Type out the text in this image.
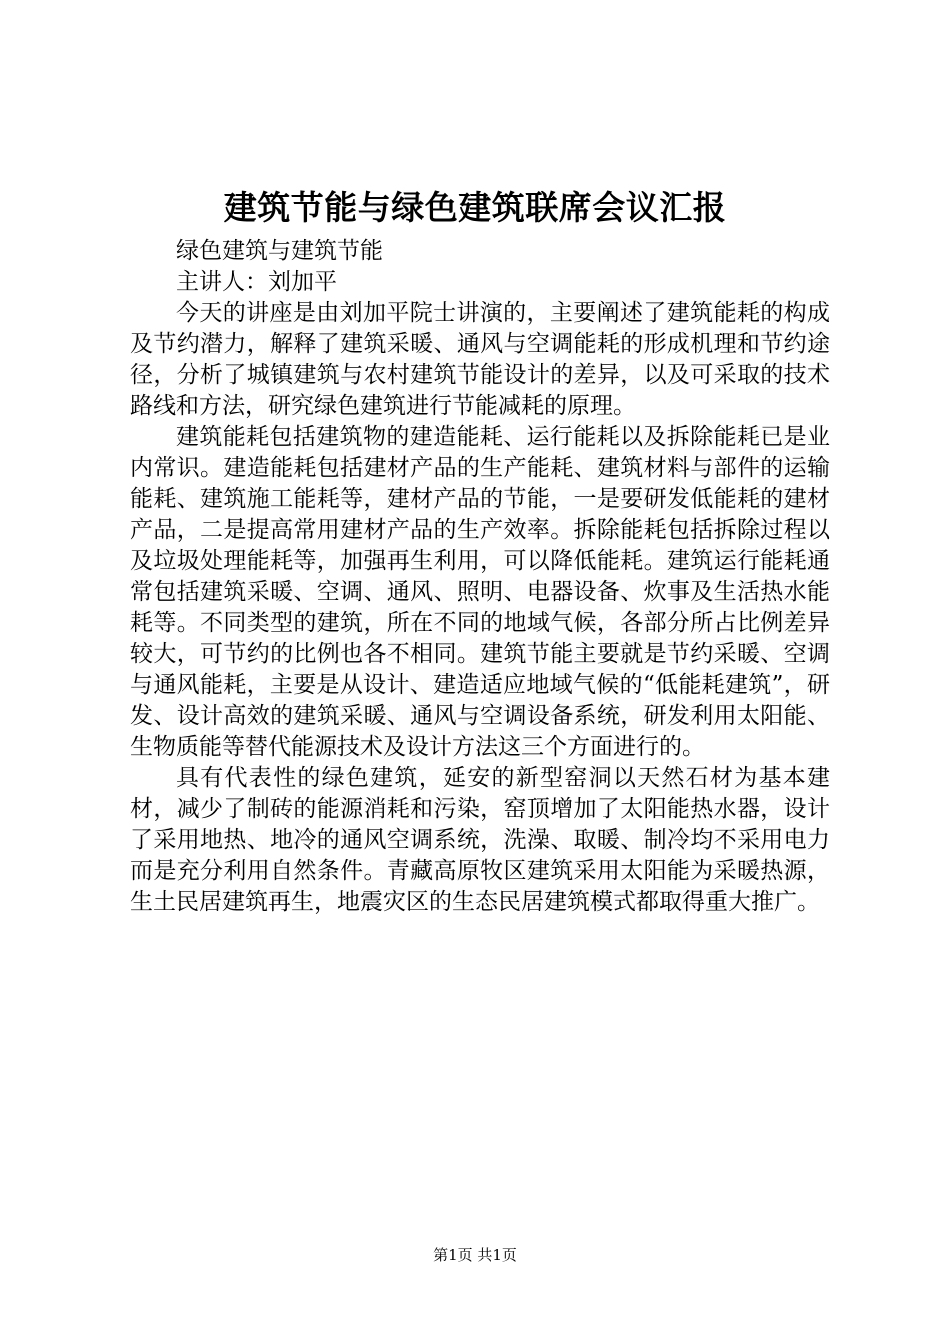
建筑节能与绿色建筑联席会议汇报

绿色建筑与建筑节能

主讲人：刘加平

今天的讲座是由刘加平院士讲演的，主要阐述了建筑能耗的构成及节约潜力，解释了建筑采暖、通风与空调能耗的形成机理和节约途径，分析了城镇建筑与农村建筑节能设计的差异，以及可采取的技术路线和方法，研究绿色建筑进行节能减耗的原理。

建筑能耗包括建筑物的建造能耗、运行能耗以及拆除能耗已是业内常识。建造能耗包括建材产品的生产能耗、建筑材料与部件的运输能耗、建筑施工能耗等，建材产品的节能，一是要研发低能耗的建材产品，二是提高常用建材产品的生产效率。拆除能耗包括拆除过程以及垃圾处理能耗等，加强再生利用，可以降低能耗。建筑运行能耗通常包括建筑采暖、空调、通风、照明、电器设备、炊事及生活热水能耗等。不同类型的建筑，所在不同的地域气候，各部分所占比例差异较大，可节约的比例也各不相同。建筑节能主要就是节约采暖、空调与通风能耗，主要是从设计、建造适应地域气候的“低能耗建筑”，研发、设计高效的建筑采暖、通风与空调设备系统，研发利用太阳能、生物质能等替代能源技术及设计方法这三个方面进行的。

具有代表性的绿色建筑，延安的新型窑洞以天然石材为基本建材，减少了制砖的能源消耗和污染，窑顶增加了太阳能热水器，设计了采用地热、地冷的通风空调系统，洗澡、取暖、制冷均不采用电力而是充分利用自然条件。青藏高原牧区建筑采用太阳能为采暖热源，生土民居建筑再生，地震灾区的生态民居建筑模式都取得重大推广。

第1页 共1页
